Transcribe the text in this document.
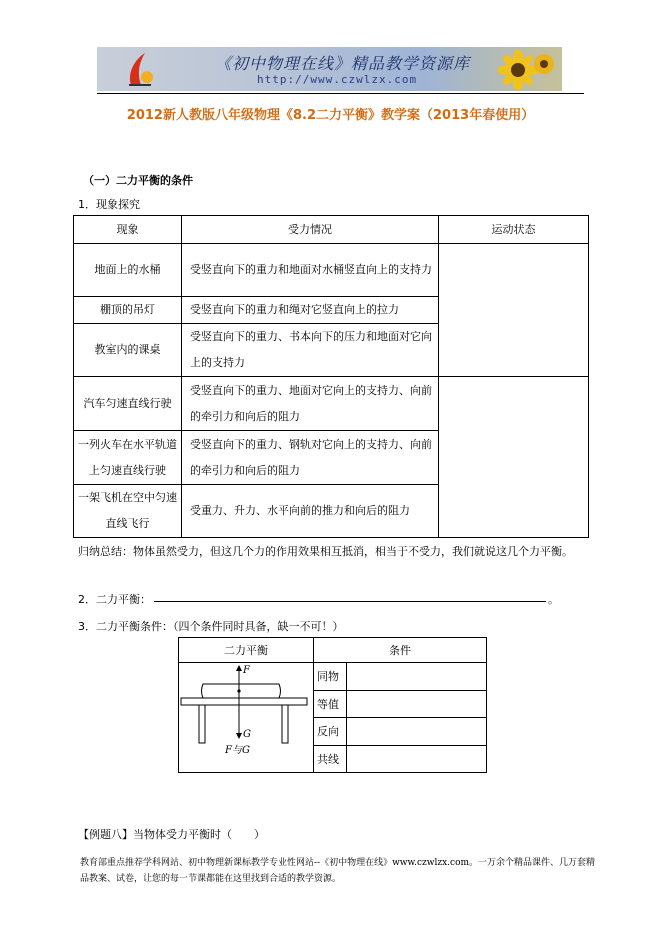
《初中物理在线》精品教学资源库
http://www.czwlzx.com
2012新人教版八年级物理《8.2二力平衡》教学案（2013年春使用）
（一）二力平衡的条件
1．现象探究
现象	受力情况	运动状态
地面上的水桶	受竖直向下的重力和地面对水桶竖直向上的支持力	
棚顶的吊灯	受竖直向下的重力和绳对它竖直向上的拉力	
教室内的课桌	受竖直向下的重力、书本向下的压力和地面对它向上的支持力	
汽车匀速直线行驶	受竖直向下的重力、地面对它向上的支持力、向前的牵引力和向后的阻力	
一列火车在水平轨道上匀速直线行驶	受竖直向下的重力、钢轨对它向上的支持力、向前的牵引力和向后的阻力	
一架飞机在空中匀速直线飞行	受重力、升力、水平向前的推力和向后的阻力	
归纳总结：物体虽然受力，但这几个力的作用效果相互抵消，相当于不受力，我们就说这几个力平衡。
2．二力平衡：	。
3．二力平衡条件：（四个条件同时具备，缺一不可！）
二力平衡	条件	

F
G
F与G	同物	
	等值	
	反向	
	共线	
【例题八】当物体受力平衡时（　　）
教育部重点推荐学科网站、初中物理新课标教学专业性网站--《初中物理在线》www.czwlzx.com。一万余个精品课件、几万套精品教案、试卷，让您的每一节课都能在这里找到合适的教学资源。
